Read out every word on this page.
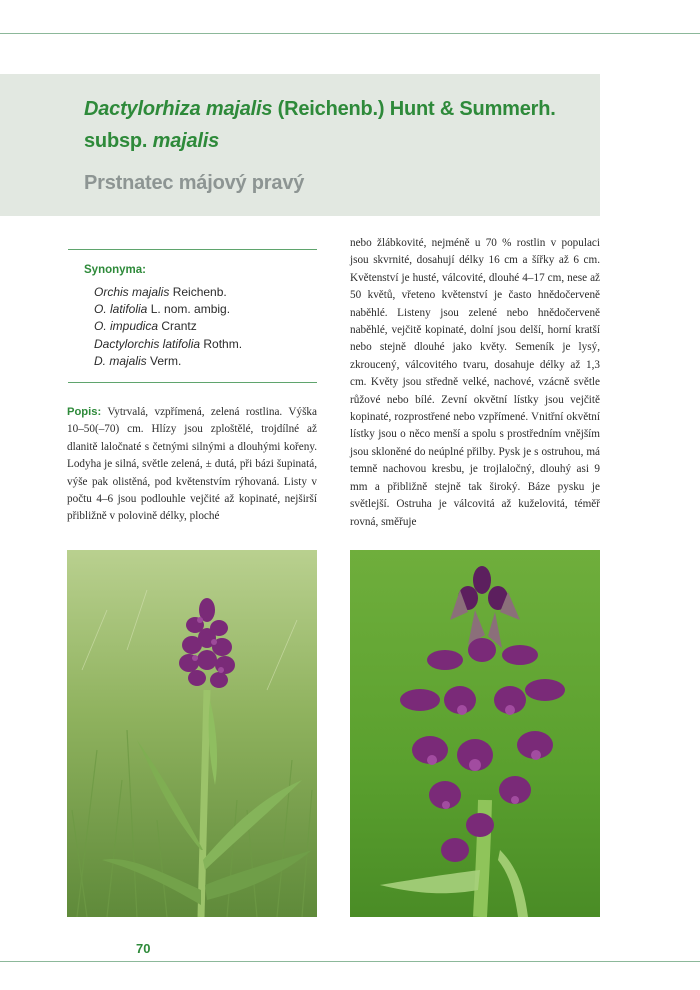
Dactylorhiza majalis (Reichenb.) Hunt & Summerh.
subsp. majalis
Prstnatec májový pravý
Synonyma:
Orchis majalis Reichenb.
O. latifolia L. nom. ambig.
O. impudica Crantz
Dactylorchis latifolia Rothm.
D. majalis Verm.

Popis: Vytrvalá, vzpřímená, zelená rostlina. Výška 10–50(–70) cm. Hlízy jsou zploštělé, trojdílné až dlanitě laločnaté s četnými silnými a dlouhými kořeny. Lodyha je silná, světle zelená, ± dutá, při bázi šupinatá, výše pak olistěná, pod květenstvím rýhovaná. Listy v počtu 4–6 jsou podlouhle vejčité až kopinaté, nejširší přibližně v polovině délky, ploché

nebo žlábkovité, nejméně u 70 % rostlin v populaci jsou skvrnité, dosahují délky 16 cm a šířky až 6 cm. Květenství je husté, válcovité, dlouhé 4–17 cm, nese až 50 květů, vřeteno květenství je často hnědočerveně naběhlé. Listeny jsou zelené nebo hnědočerveně naběhlé, vejčitě kopinaté, dolní jsou delší, horní kratší nebo stejně dlouhé jako květy. Semeník je lysý, zkroucený, válcovitého tvaru, dosahuje délky až 1,3 cm. Květy jsou středně velké, nachové, vzácně světle růžové nebo bílé. Zevní okvětní lístky jsou vejčitě kopinaté, rozprostřené nebo vzpřímené. Vnitřní okvětní lístky jsou o něco menší a spolu s prostředním vnějším jsou skloněné do neúplné přilby. Pysk je s ostruhou, má temně nachovou kresbu, je trojlaločný, dlouhý asi 9 mm a přibližně stejně tak široký. Báze pysku je světlejší. Ostruha je válcovitá až kuželovitá, téměř rovná, směřuje

70
